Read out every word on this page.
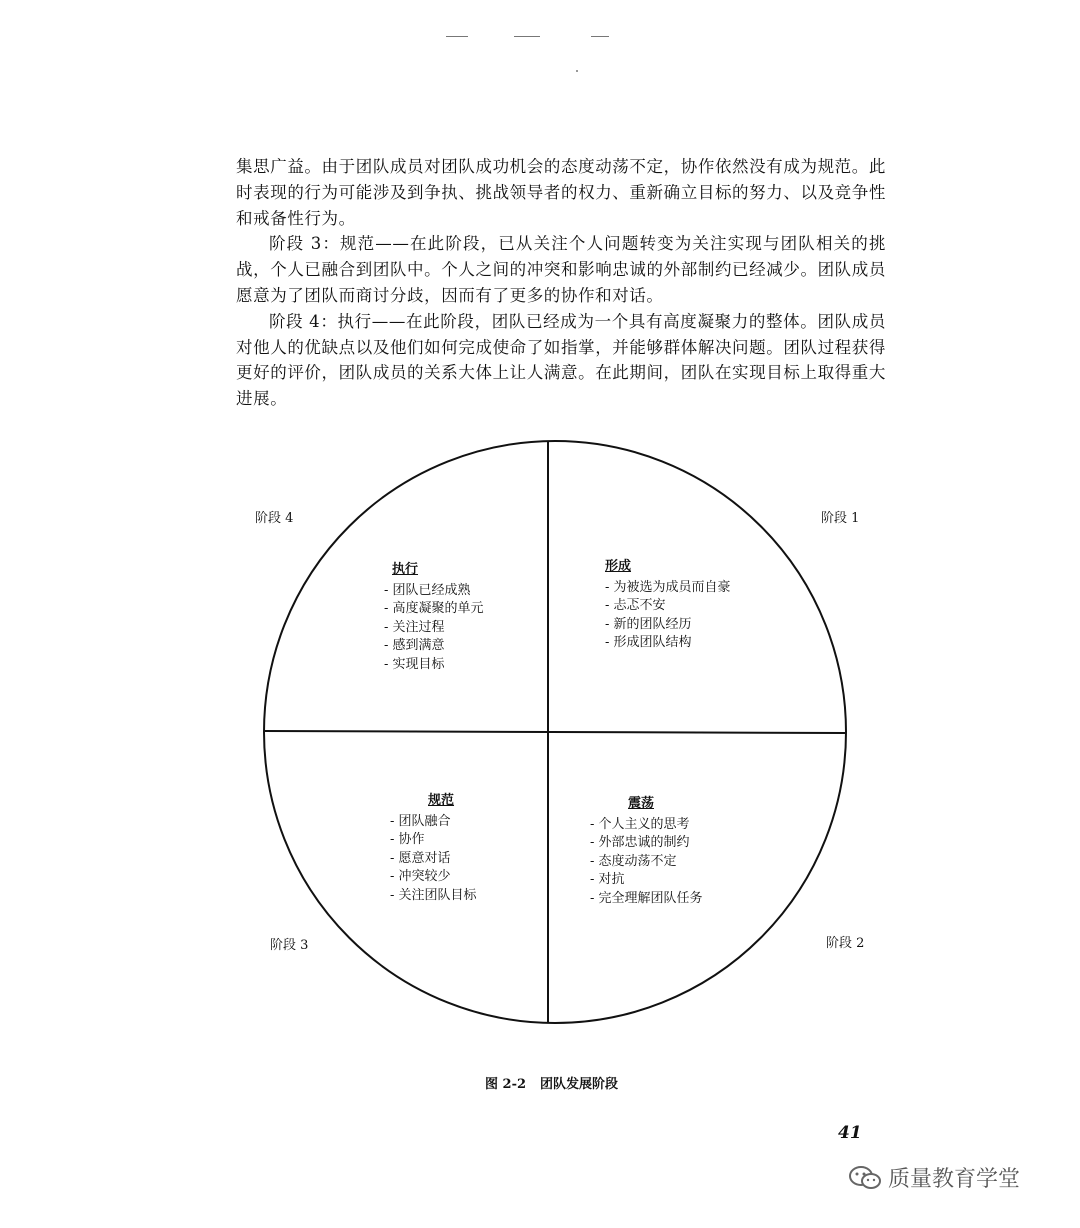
集思广益。由于团队成员对团队成功机会的态度动荡不定，协作依然没有成为规范。此时表现的行为可能涉及到争执、挑战领导者的权力、重新确立目标的努力、以及竞争性和戒备性行为。

阶段 3：规范——在此阶段，已从关注个人问题转变为关注实现与团队相关的挑战，个人已融合到团队中。个人之间的冲突和影响忠诚的外部制约已经减少。团队成员愿意为了团队而商讨分歧，因而有了更多的协作和对话。

阶段 4：执行——在此阶段，团队已经成为一个具有高度凝聚力的整体。团队成员对他人的优缺点以及他们如何完成使命了如指掌，并能够群体解决问题。团队过程获得更好的评价，团队成员的关系大体上让人满意。在此期间，团队在实现目标上取得重大进展。

阶段 4	阶段 1
阶段 3	阶段 2
执行
- 团队已经成熟
- 高度凝聚的单元
- 关注过程
- 感到满意
- 实现目标
形成
- 为被选为成员而自豪
- 忐忑不安
- 新的团队经历
- 形成团队结构
规范
- 团队融合
- 协作
- 愿意对话
- 冲突较少
- 关注团队目标
震荡
- 个人主义的思考
- 外部忠诚的制约
- 态度动荡不定
- 对抗
- 完全理解团队任务
图 2-2 团队发展阶段
41
质量教育学堂
